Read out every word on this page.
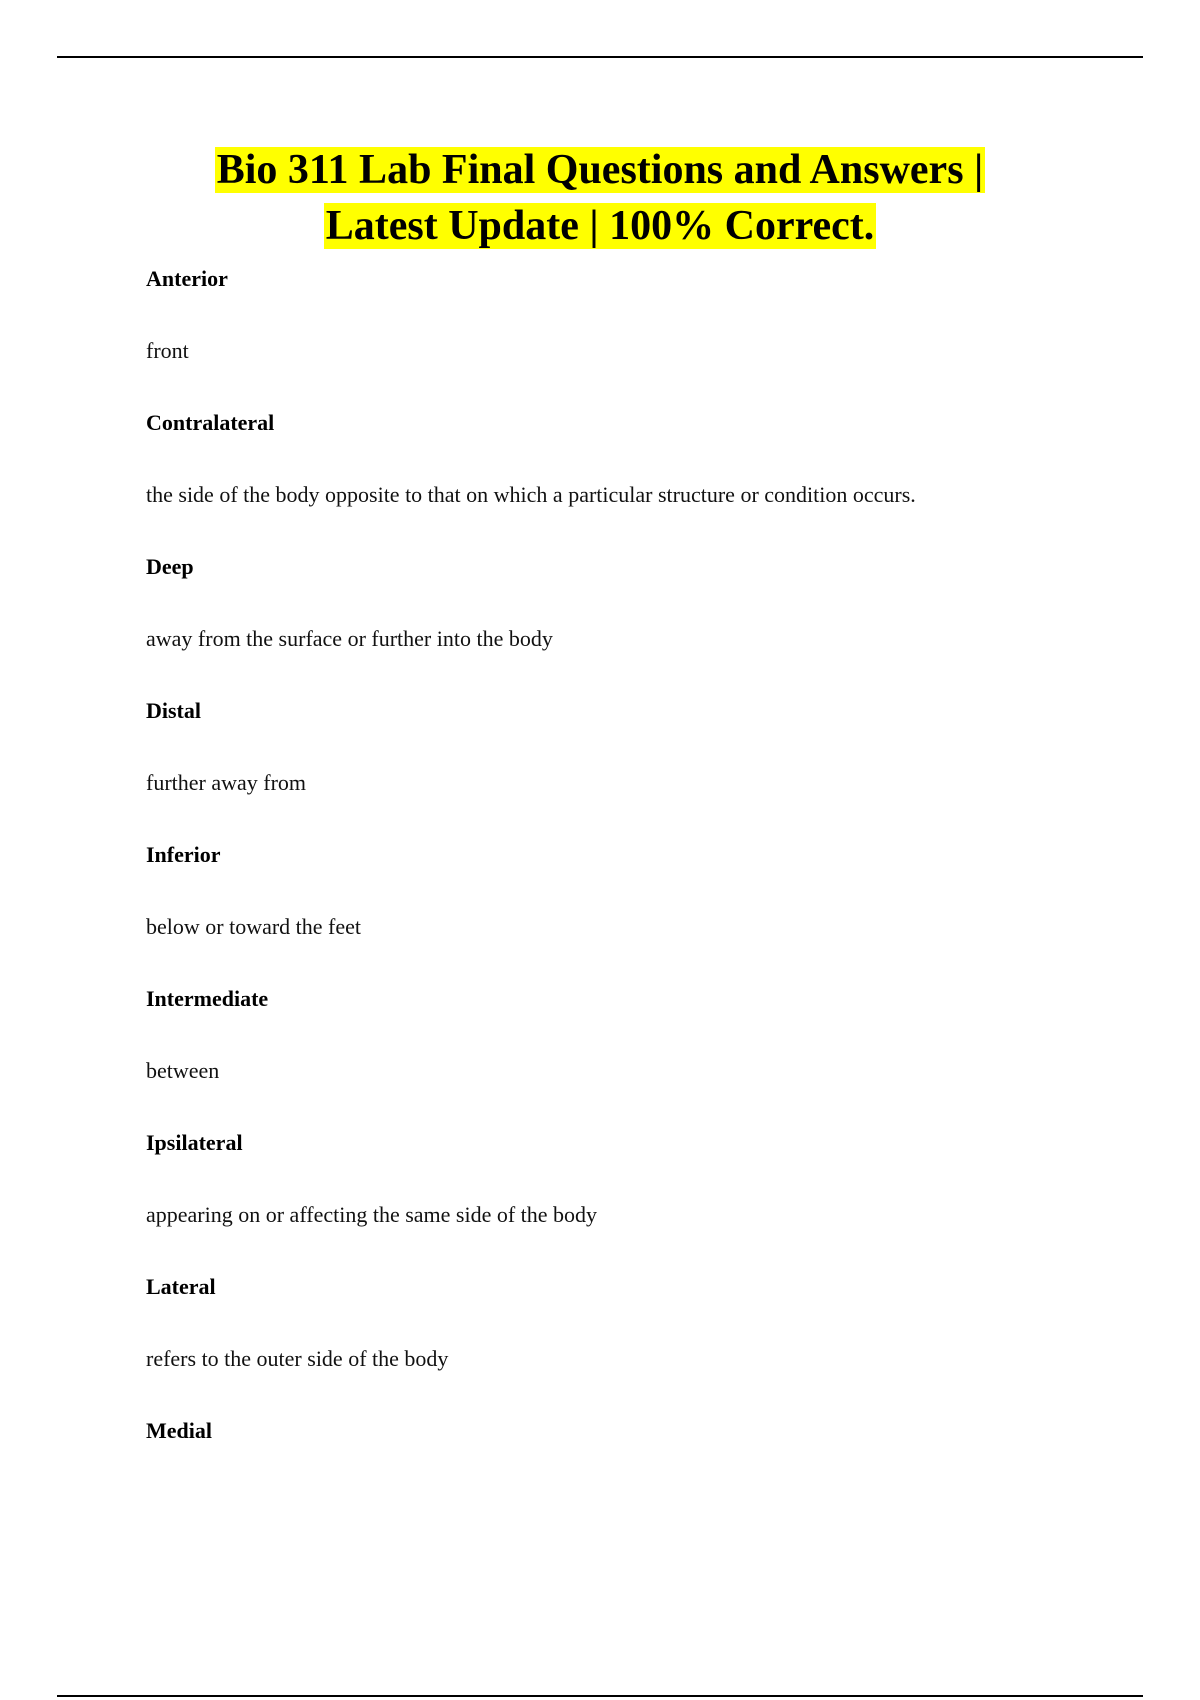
Bio 311 Lab Final Questions and Answers |
Latest Update | 100% Correct.
Anterior
front
Contralateral
the side of the body opposite to that on which a particular structure or condition occurs.
Deep
away from the surface or further into the body
Distal
further away from
Inferior
below or toward the feet
Intermediate
between
Ipsilateral
appearing on or affecting the same side of the body
Lateral
refers to the outer side of the body
Medial
